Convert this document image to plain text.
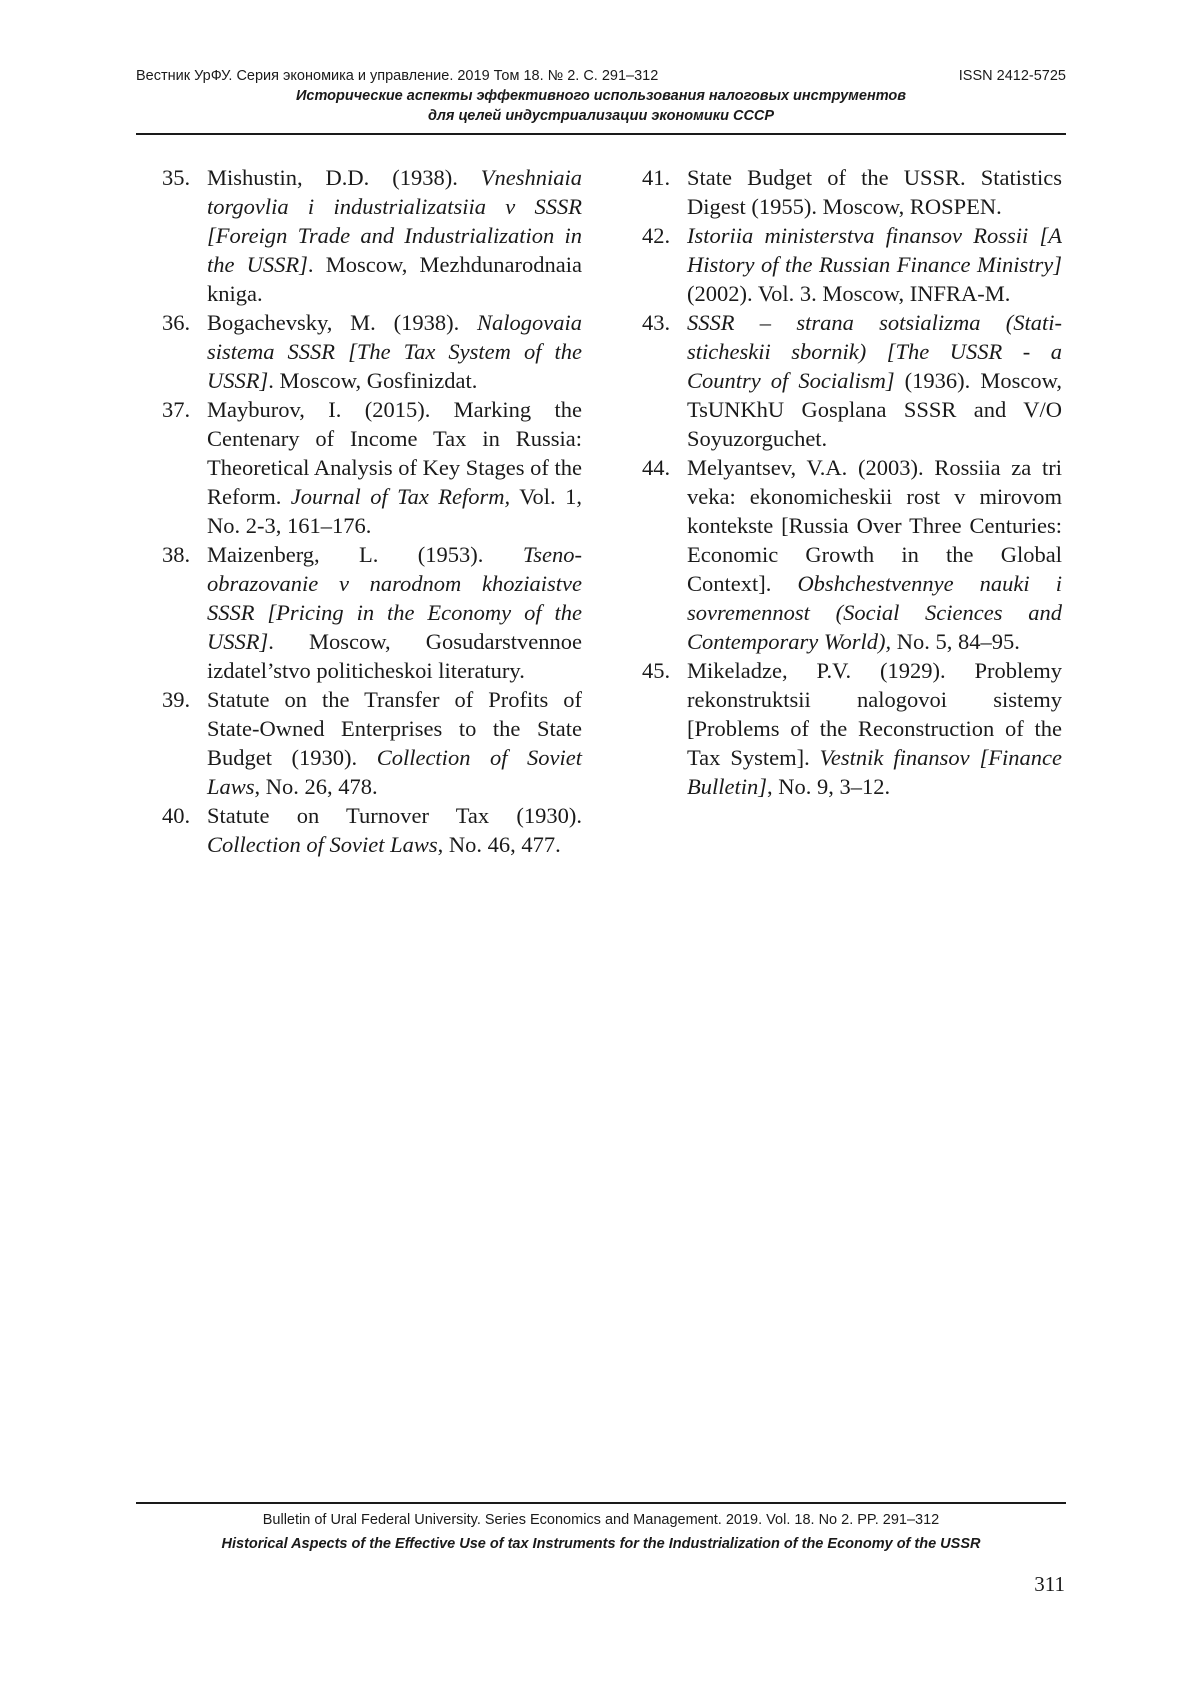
Вестник УрФУ. Серия экономика и управление. 2019 Том 18. № 2. С. 291–312	ISSN 2412-5725
Исторические аспекты эффективного использования налоговых инструментов
для целей индустриализации экономики СССР
35. Mishustin, D.D. (1938). Vneshniaia torgovlia i industrializatsiia v SSSR [Foreign Trade and Industrialization in the USSR]. Moscow, Mezhdunarodnaia kniga.
36. Bogachevsky, M. (1938). Nalogovaia sistema SSSR [The Tax System of the USSR]. Moscow, Gosfinizdat.
37. Mayburov, I. (2015). Marking the Centenary of Income Tax in Russia: Theoretical Analysis of Key Stages of the Reform. Journal of Tax Reform, Vol. 1, No. 2-3, 161–176.
38. Maizenberg, L. (1953). Tseno-obrazovanie v narodnom khoziaistve SSSR [Pricing in the Economy of the USSR]. Moscow, Gosudarstvennoe izdatel’stvo politicheskoi literatury.
39. Statute on the Transfer of Profits of State-Owned Enterprises to the State Budget (1930). Collection of Soviet Laws, No. 26, 478.
40. Statute on Turnover Tax (1930). Collection of Soviet Laws, No. 46, 477.
41. State Budget of the USSR. Statistics Digest (1955). Moscow, ROSPEN.
42. Istoriia ministerstva finansov Rossii [A History of the Russian Finance Ministry] (2002). Vol. 3. Moscow, INFRA-M.
43. SSSR – strana sotsializma (Stati-sticheskii sbornik) [The USSR - a Country of Socialism] (1936). Moscow, TsUNKhU Gosplana SSSR and V/O Soyuzorguchet.
44. Melyantsev, V.A. (2003). Rossiia za tri veka: ekonomicheskii rost v mirovom kontekste [Russia Over Three Centuries: Economic Growth in the Global Context]. Obshchestvennye nauki i sovremennost (Social Sciences and Contemporary World), No. 5, 84–95.
45. Mikeladze, P.V. (1929). Problemy rekonstruktsii nalogovoi sistemy [Problems of the Reconstruction of the Tax System]. Vestnik finansov [Finance Bulletin], No. 9, 3–12.
Bulletin of Ural Federal University. Series Economics and Management. 2019. Vol. 18. No 2. PP. 291–312
Historical Aspects of the Effective Use of tax Instruments for the Industrialization of the Economy of the USSR
311
